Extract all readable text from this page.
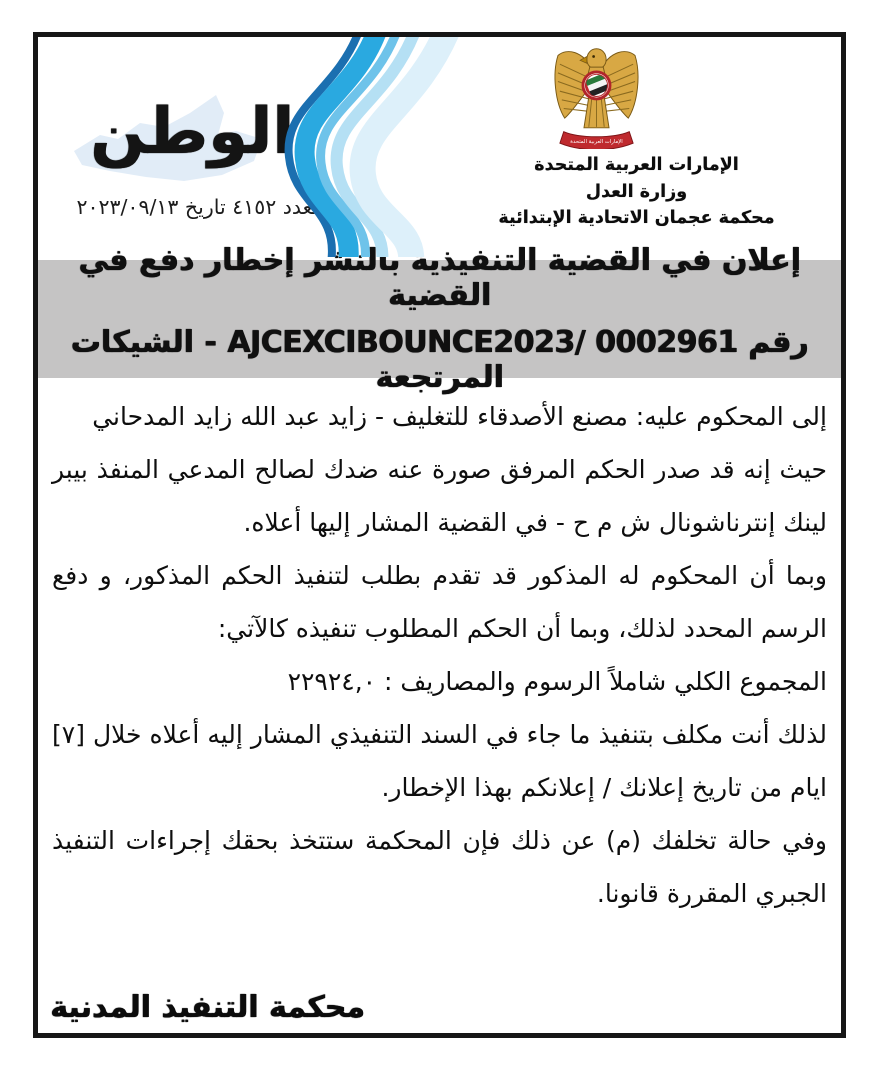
الوطن
العدد ٤١٥٢ تاريخ ٢٠٢٣/٠٩/١٣
الإمارات العربية المتحدة
الإمارات العربية المتحدة
وزارة العدل
محكمة عجمان الاتحادية الإبتدائية
إعلان في القضية التنفيذية بالنشر إخطار دفع في القضية
رقم AJCEXCIBOUNCE2023/ 0002961 - الشيكات المرتجعة

إلى المحكوم عليه: مصنع الأصدقاء للتغليف - زايد عبد الله زايد المدحاني

حيث إنه قد صدر الحكم المرفق صورة عنه ضدك لصالح المدعي المنفذ بيبر لينك إنترناشونال ش م ح - في القضية المشار إليها أعلاه.

وبما أن المحكوم له المذكور قد تقدم بطلب لتنفيذ الحكم المذكور، و دفع الرسم المحدد لذلك، وبما أن الحكم المطلوب تنفيذه كالآتي:

المجموع الكلي شاملاً الرسوم والمصاريف : ٢٢٩٢٤,٠

لذلك أنت مكلف بتنفيذ ما جاء في السند التنفيذي المشار إليه أعلاه خلال [٧] ايام من تاريخ إعلانك / إعلانكم بهذا الإخطار.

وفي حالة تخلفك (م) عن ذلك فإن المحكمة ستتخذ بحقك إجراءات التنفيذ الجبري المقررة قانونا.

محكمة التنفيذ المدنية
